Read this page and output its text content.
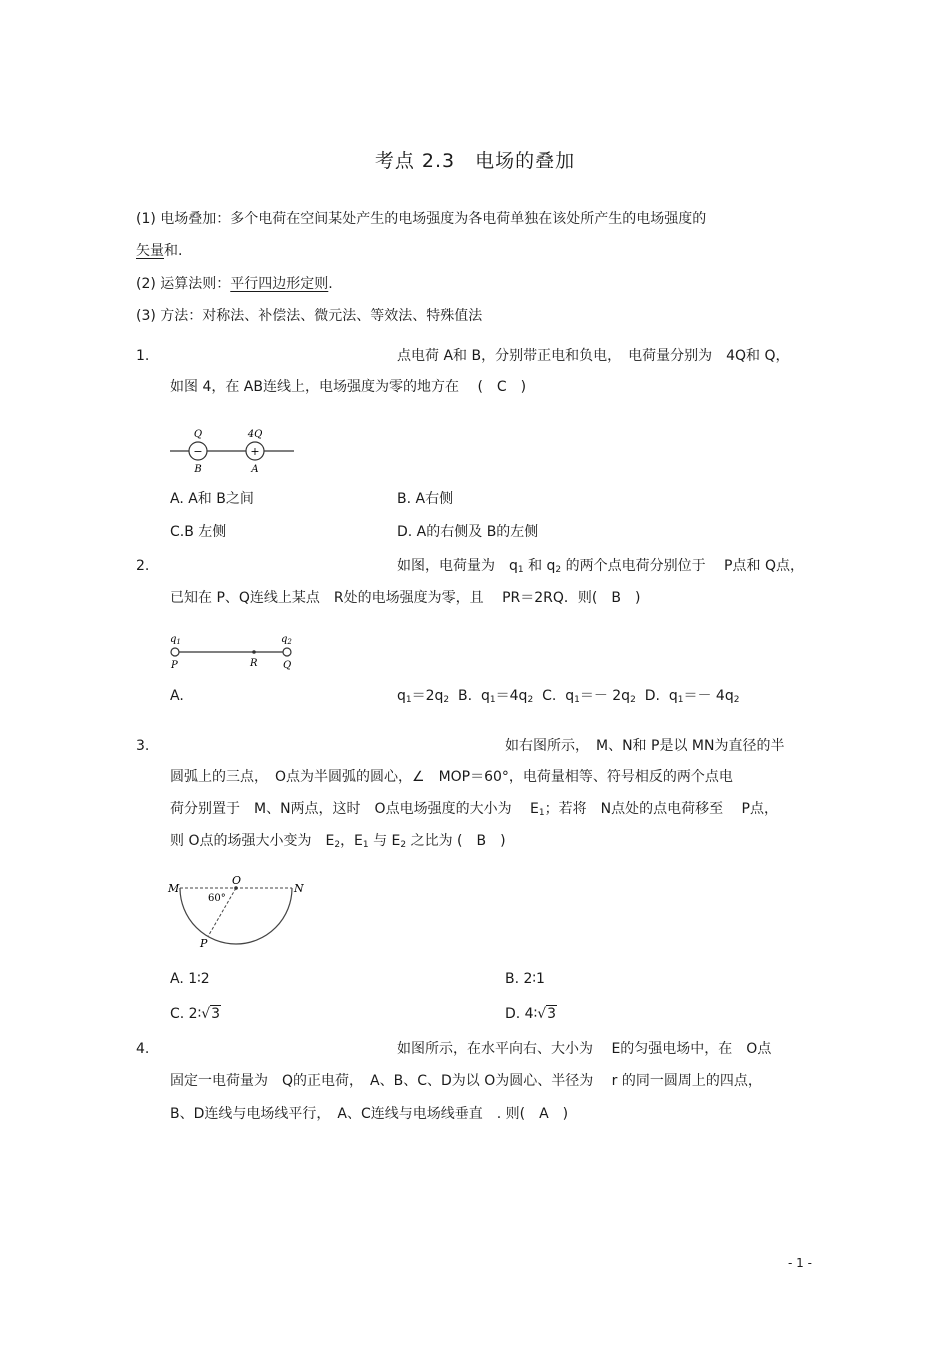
考点 2.3　电场的叠加
(1) 电场叠加：多个电荷在空间某处产生的电场强度为各电荷单独在该处所产生的电场强度的
矢量和.
(2) 运算法则：平行四边形定则.
(3) 方法：对称法、补偿法、微元法、等效法、特殊值法
1.	点电荷 A和 B，分别带正电和负电，　电荷量分别为　4Q和 Q，
如图 4，在 AB连线上，电场强度为零的地方在　 (　C　)
−	+
Q	4Q
B	A
A. A和 B之间	B. A右侧
C.B 左侧	D. A的右侧及 B的左侧
2.	如图，电荷量为　$q_1$ 和 $q_2$ 的两个点电荷分别位于　 P点和 Q点，
已知在 P、Q连线上某点　R处的电场强度为零，且　 PR＝2RQ．则(　B　)
$q_1$	$q_2$
P	R	Q
A.	$q_1=2q_2$  B.  $q_1=4q_2$  C.  $q_1=- 2q_2$  D.  $q_1=- 4q_2$
3.	如右图所示，　M、N和 P是以 MN为直径的半
圆弧上的三点，　O点为半圆弧的圆心，∠　MOP＝60°，电荷量相等、符号相反的两个点电
荷分别置于　M、N两点，这时　O点电场强度的大小为　 $E_1$；若将　N点处的点电荷移至　 P点，
则 O点的场强大小变为　$E_2$，$E_1$ 与 $E_2$ 之比为 (　B　)
M
O
N
P
60°
A. 1∶2	B. 2∶1
C. 2∶√3	D. 4∶√3
4.	如图所示，在水平向右、大小为　 E的匀强电场中，在　O点
固定一电荷量为　Q的正电荷，　A、B、C、D为以 O为圆心、半径为　 r 的同一圆周上的四点，
B、D连线与电场线平行，　A、C连线与电场线垂直　. 则(　A　)
- 1 -
